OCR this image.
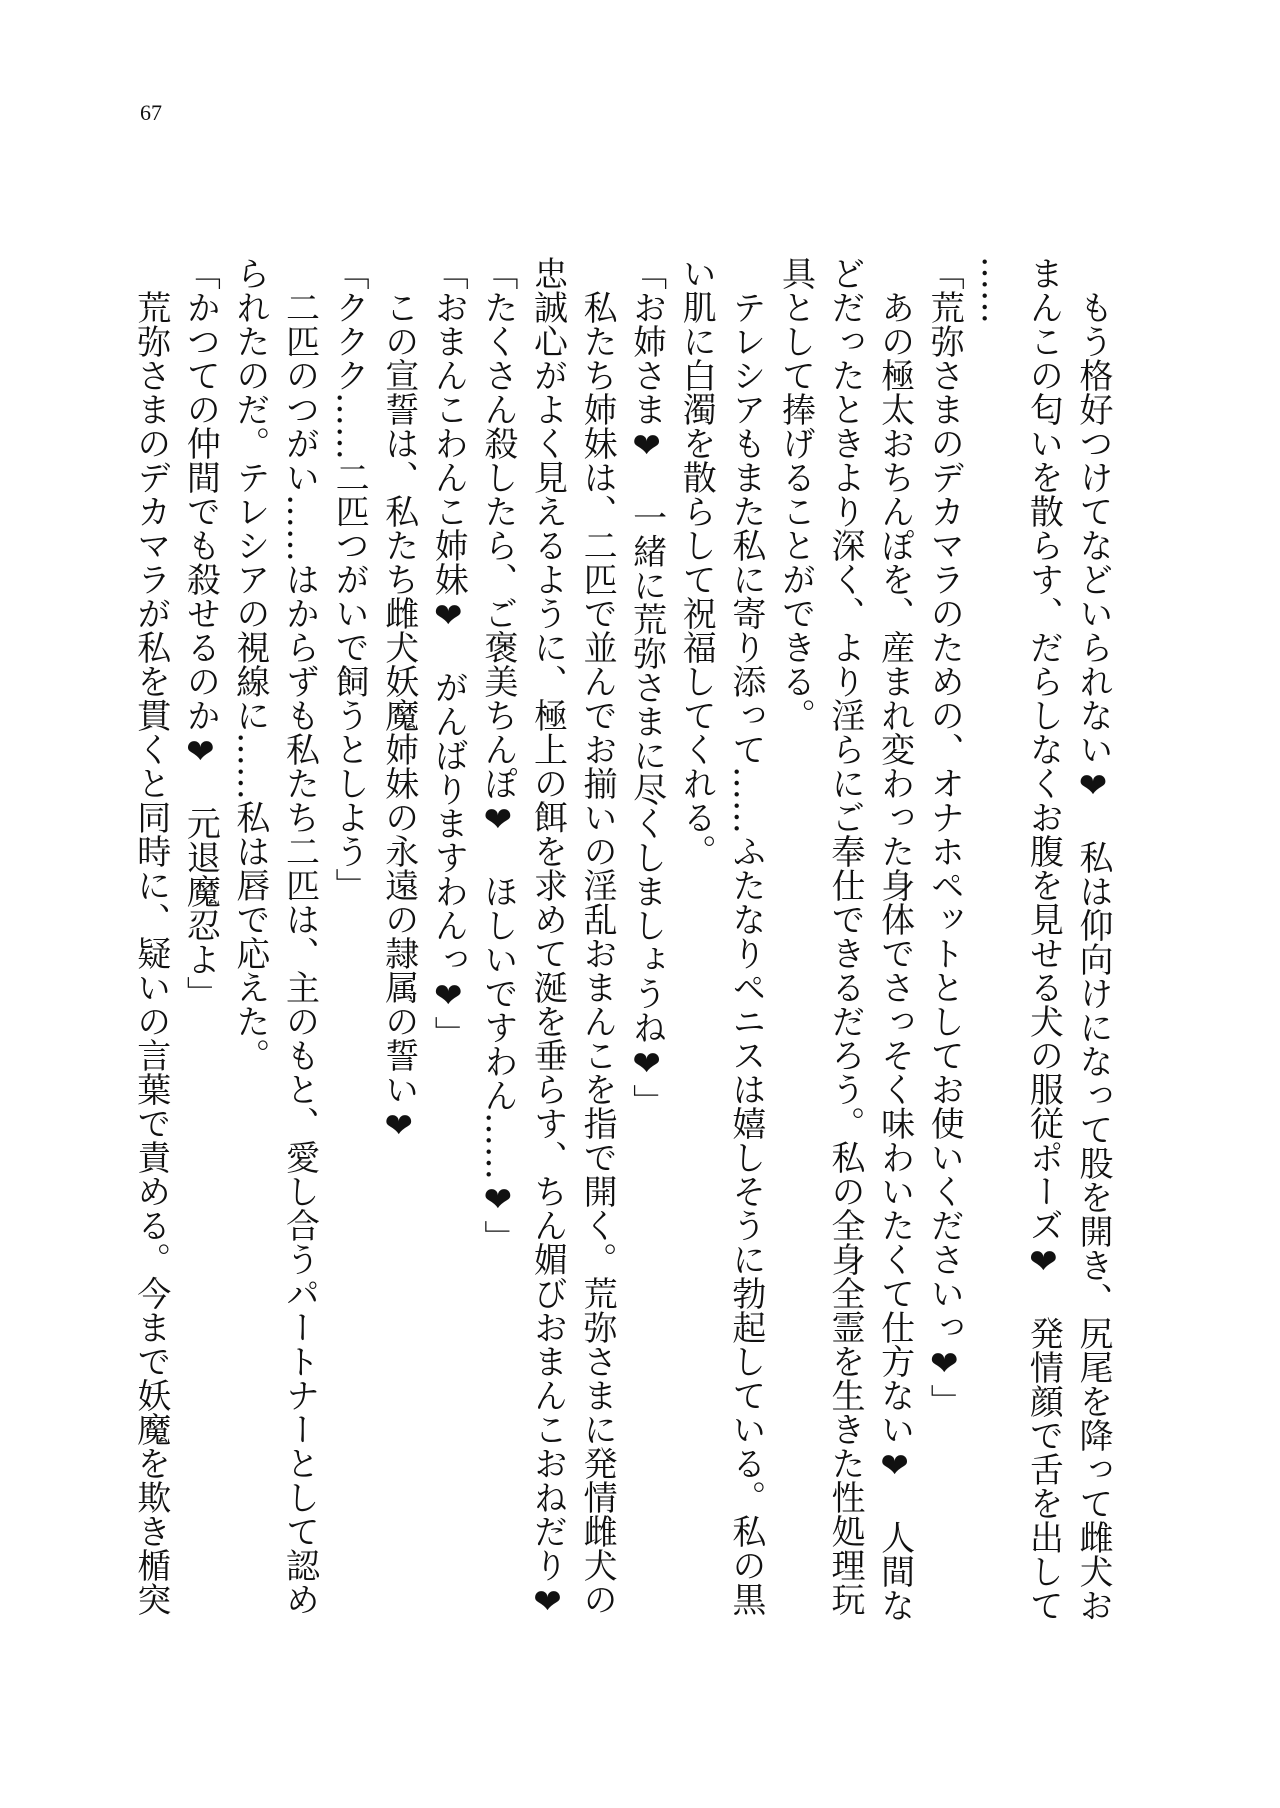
67
　もう格好つけてなどいられない❤　私は仰向けになって股を開き、尻尾を降って雌犬お
まんこの匂いを散らす、だらしなくお腹を見せる犬の服従ポーズ❤　発情顔で舌を出して
……
「荒弥さまのデカマラのための、オナホペットとしてお使いくださいっ❤」
　あの極太おちんぽを、産まれ変わった身体でさっそく味わいたくて仕方ない❤　人間な
どだったときより深く、より淫らにご奉仕できるだろう。私の全身全霊を生きた性処理玩
具として捧げることができる。
　テレシアもまた私に寄り添って……ふたなりペニスは嬉しそうに勃起している。私の黒
い肌に白濁を散らして祝福してくれる。
「お姉さま❤　一緒に荒弥さまに尽くしましょうね❤」
　私たち姉妹は、二匹で並んでお揃いの淫乱おまんこを指で開く。荒弥さまに発情雌犬の
忠誠心がよく見えるように、極上の餌を求めて涎を垂らす、ちん媚びおまんこおねだり❤
「たくさん殺したら、ご褒美ちんぽ❤　ほしいですわん……❤」
「おまんこわんこ姉妹❤　がんばりますわんっ❤」
　この宣誓は、私たち雌犬妖魔姉妹の永遠の隷属の誓い❤
「ククク……二匹つがいで飼うとしよう」
　二匹のつがい……はからずも私たち二匹は、主のもと、愛し合うパートナーとして認め
られたのだ。テレシアの視線に……私は唇で応えた。
「かつての仲間でも殺せるのか❤　元退魔忍よ」
　荒弥さまのデカマラが私を貫くと同時に、疑いの言葉で責める。今まで妖魔を欺き楯突
